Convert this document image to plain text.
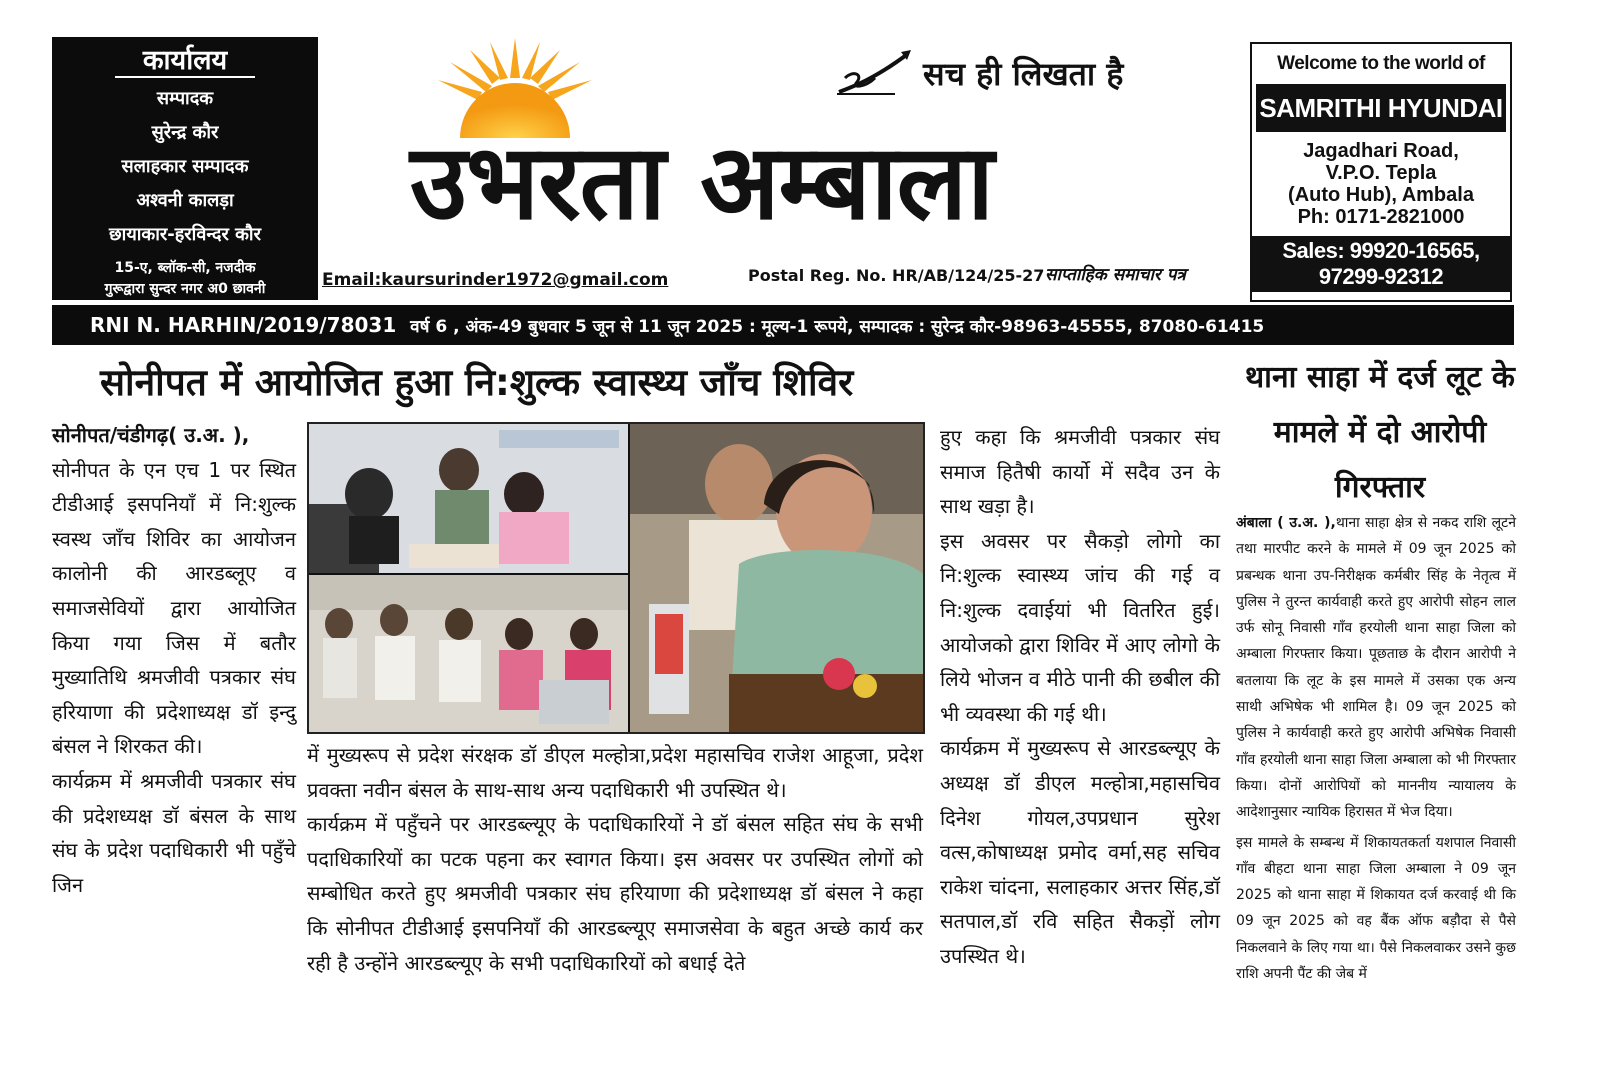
कार्यालय
सम्पादक
सुरेन्द्र कौर
सलाहकार सम्पादक
अश्वनी कालड़ा
छायाकार-हरविन्दर कौर
15-ए, ब्लॉक-सी, नजदीक
गुरूद्वारा सुन्दर नगर अ0 छावनी
सच ही लिखता है
उभरता अम्बाला
Email:kaursurinder1972@gmail.com	Postal Reg. No. HR/AB/124/25-27 साप्ताहिक समाचार पत्र
Welcome to the world of
SAMRITHI HYUNDAI
Jagadhari Road,
V.P.O. Tepla
(Auto Hub), Ambala
Ph: 0171-2821000
Sales: 99920-16565,
97299-92312
RNI N. HARHIN/2019/78031 वर्ष 6 , अंक-49 बुधवार 5 जून से 11 जून 2025 : मूल्य-1 रूपये, सम्पादक : सुरेन्द्र कौर-98963-45555, 87080-61415
सोनीपत में आयोजित हुआ नि:शुल्क स्वास्थ्य जाँच शिविर	थाना साहा में दर्ज लूट के मामले में दो आरोपी गिरफ्तार

सोनीपत/चंडीगढ़( उ.अ. ),

सोनीपत के एन एच 1 पर स्थित टीडीआई इसपनियाँ में नि:शुल्क स्वस्थ जाँच शिविर का आयोजन कालोनी की आरडब्लूए व समाजसेवियों द्वारा आयोजित किया गया जिस में बतौर मुख्यातिथि श्रमजीवी पत्रकार संघ हरियाणा की प्रदेशाध्यक्ष डॉ इन्दु बंसल ने शिरकत की।

कार्यक्रम में श्रमजीवी पत्रकार संघ की प्रदेशध्यक्ष डॉ बंसल के साथ संघ के प्रदेश पदाधिकारी भी पहुँचे जिन

में मुख्यरूप से प्रदेश संरक्षक डॉ डीएल मल्होत्रा,प्रदेश महासचिव राजेश आहूजा, प्रदेश प्रवक्ता नवीन बंसल के साथ-साथ अन्य पदाधिकारी भी उपस्थित थे।

कार्यक्रम में पहुँचने पर आरडब्ल्यूए के पदाधिकारियों ने डॉ बंसल सहित संघ के सभी पदाधिकारियों का पटक पहना कर स्वागत किया। इस अवसर पर उपस्थित लोगों को सम्बोधित करते हुए श्रमजीवी पत्रकार संघ हरियाणा की प्रदेशाध्यक्ष डॉ बंसल ने कहा कि सोनीपत टीडीआई इसपनियाँ की आरडब्ल्यूए समाजसेवा के बहुत अच्छे कार्य कर रही है उन्होंने आरडब्ल्यूए के सभी पदाधिकारियों को बधाई देते

हुए कहा कि श्रमजीवी पत्रकार संघ समाज हितैषी कार्यो में सदैव उन के साथ खड़ा है।

इस अवसर पर सैकड़ो लोगो का नि:शुल्क स्वास्थ्य जांच की गई व नि:शुल्क दवाईयां भी वितरित हुई। आयोजको द्वारा शिविर में आए लोगो के लिये भोजन व मीठे पानी की छबील की भी व्यवस्था की गई थी।

कार्यक्रम में मुख्यरूप से आरडब्ल्यूए के अध्यक्ष डॉ डीएल मल्होत्रा,महासचिव दिनेश गोयल,उपप्रधान सुरेश वत्स,कोषाध्यक्ष प्रमोद वर्मा,सह सचिव राकेश चांदना, सलाहकार अत्तर सिंह,डॉ सतपाल,डॉ रवि सहित सैकड़ों लोग उपस्थित थे।

अंबाला ( उ.अ. ),थाना साहा क्षेत्र से नकद राशि लूटने तथा मारपीट करने के मामले में 09 जून 2025 को प्रबन्धक थाना उप-निरीक्षक कर्मबीर सिंह के नेतृत्व में पुलिस ने तुरन्त कार्यवाही करते हुए आरोपी सोहन लाल उर्फ सोनू निवासी गाँव हरयोली थाना साहा जिला को अम्बाला गिरफ्तार किया। पूछताछ के दौरान आरोपी ने बतलाया कि लूट के इस मामले में उसका एक अन्य साथी अभिषेक भी शामिल है। 09 जून 2025 को पुलिस ने कार्यवाही करते हुए आरोपी अभिषेक निवासी गाँव हरयोली थाना साहा जिला अम्बाला को भी गिरफ्तार किया। दोनों आरोपियों को माननीय न्यायालय के आदेशानुसार न्यायिक हिरासत में भेज दिया।

इस मामले के सम्बन्ध में शिकायतकर्ता यशपाल निवासी गाँव बीहटा थाना साहा जिला अम्बाला ने 09 जून 2025 को थाना साहा में शिकायत दर्ज करवाई थी कि 09 जून 2025 को वह बैंक ऑफ बड़ौदा से पैसे निकलवाने के लिए गया था। पैसे निकलवाकर उसने कुछ राशि अपनी पैंट की जेब में
